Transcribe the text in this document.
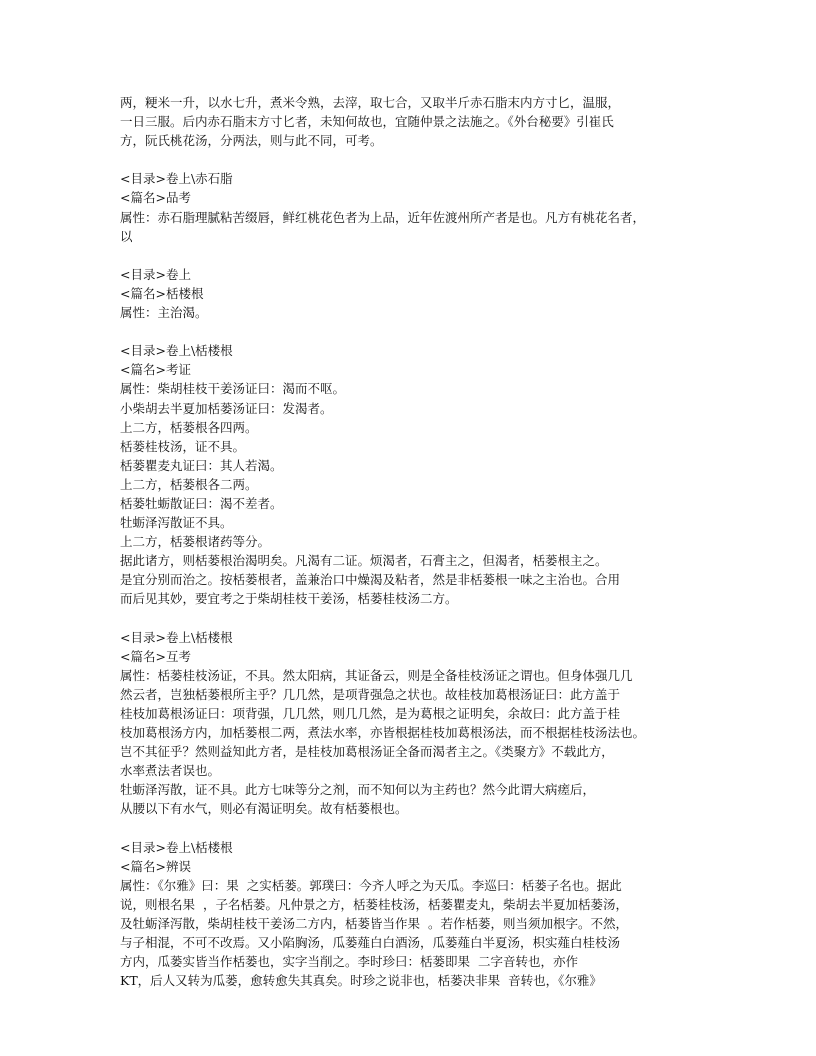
两，粳米一升，以水七升，煮米令熟，去滓，取七合，又取半斤赤石脂末内方寸匕，温服，
一日三服。后内赤石脂末方寸匕者，未知何故也，宜随仲景之法施之。《外台秘要》引崔氏
方，阮氏桃花汤，分两法，则与此不同，可考。
<目录>卷上\赤石脂
<篇名>品考
属性：赤石脂理腻粘苦缀唇，鲜红桃花色者为上品，近年佐渡州所产者是也。凡方有桃花名者，
以
<目录>卷上
<篇名>栝楼根
属性：主治渴。
<目录>卷上\栝楼根
<篇名>考证
属性：柴胡桂枝干姜汤证曰：渴而不呕。
小柴胡去半夏加栝蒌汤证曰：发渴者。
上二方，栝蒌根各四两。
栝蒌桂枝汤，证不具。
栝蒌瞿麦丸证曰：其人若渴。
上二方，栝蒌根各二两。
栝蒌牡蛎散证曰：渴不差者。
牡蛎泽泻散证不具。
上二方，栝蒌根诸药等分。
据此诸方，则栝蒌根治渴明矣。凡渴有二证。烦渴者，石膏主之，但渴者，栝蒌根主之。
是宜分别而治之。按栝蒌根者，盖兼治口中燥渴及粘者，然是非栝蒌根一味之主治也。合用
而后见其妙，要宜考之于柴胡桂枝干姜汤，栝蒌桂枝汤二方。
<目录>卷上\栝楼根
<篇名>互考
属性：栝蒌桂枝汤证，不具。然太阳病，其证备云，则是全备桂枝汤证之谓也。但身体强几几
然云者，岂独栝蒌根所主乎？几几然，是项背强急之状也。故桂枝加葛根汤证曰：此方盖于
桂枝加葛根汤证曰：项背强，几几然，则几几然，是为葛根之证明矣，余故曰：此方盖于桂
枝加葛根汤方内，加栝蒌根二两，煮法水率，亦皆根据桂枝加葛根汤法，而不根据桂枝汤法也。
岂不其征乎？然则益知此方者，是桂枝加葛根汤证全备而渴者主之。《类聚方》不载此方，
水率煮法者误也。
牡蛎泽泻散，证不具。此方七味等分之剂，而不知何以为主药也？然今此谓大病瘥后，
从腰以下有水气，则必有渴证明矣。故有栝蒌根也。
<目录>卷上\栝楼根
<篇名>辨误
属性：《尔雅》曰：果  之实栝蒌。郭璞曰：今齐人呼之为天瓜。李巡曰：栝蒌子名也。据此
说，则根名果  ，子名栝蒌。凡仲景之方，栝蒌桂枝汤，栝蒌瞿麦丸，柴胡去半夏加栝蒌汤，
及牡蛎泽泻散，柴胡桂枝干姜汤二方内，栝蒌皆当作果  。若作栝蒌，则当须加根字。不然，
与子相混，不可不改焉。又小陷胸汤，瓜蒌薤白白酒汤，瓜蒌薤白半夏汤，枳实薤白桂枝汤
方内，瓜蒌实皆当作栝蒌也，实字当削之。李时珍曰：栝蒌即果  二字音转也，亦作
KT，后人又转为瓜蒌，愈转愈失其真矣。时珍之说非也，栝蒌决非果  音转也，《尔雅》
